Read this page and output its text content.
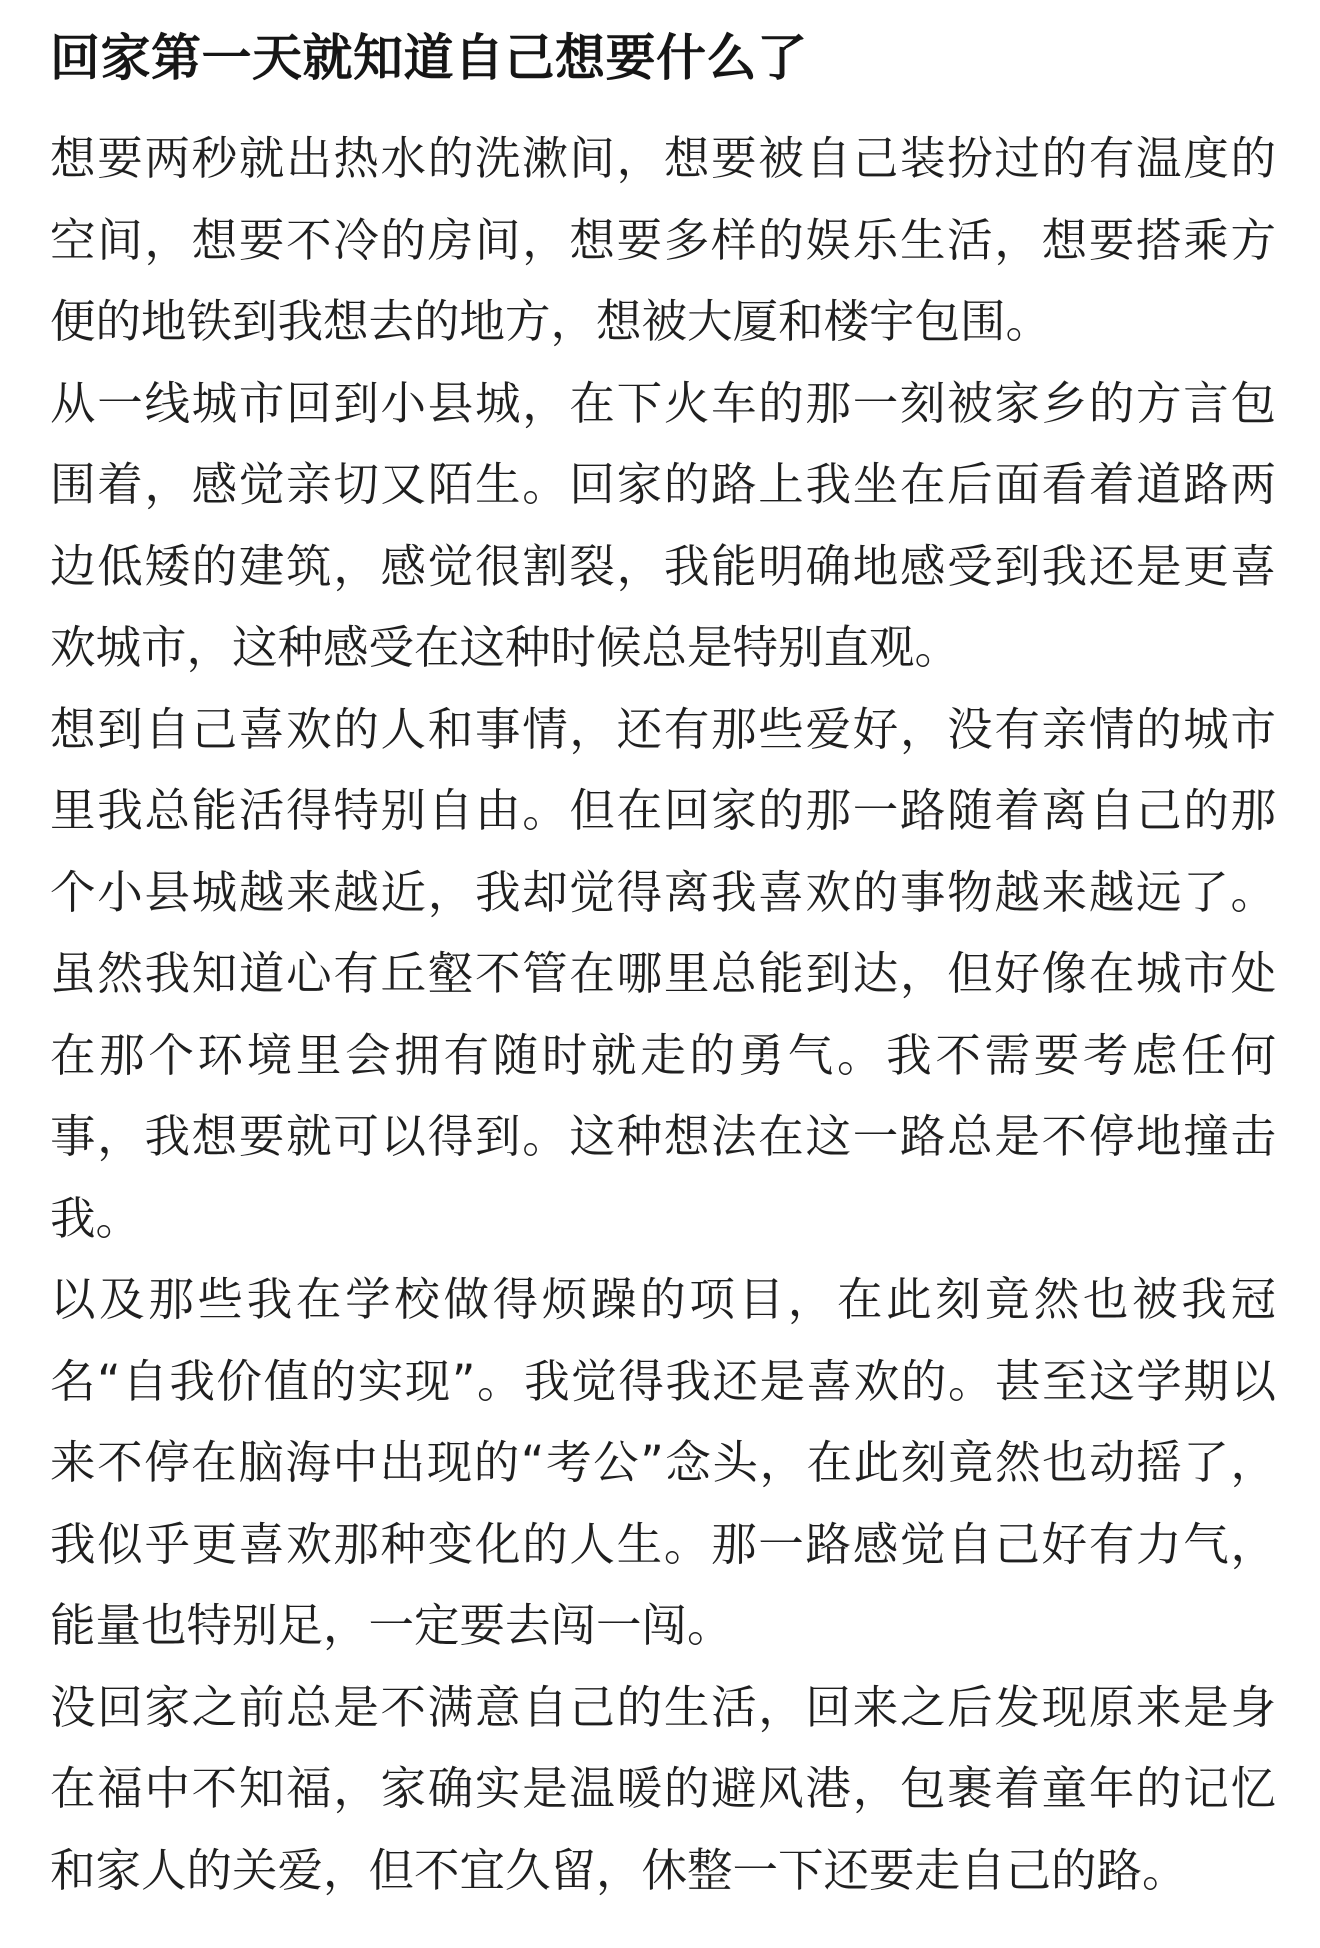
回家第一天就知道自己想要什么了

想要两秒就出热水的洗漱间，想要被自己装扮过的有温度的空间，想要不冷的房间，想要多样的娱乐生活，想要搭乘方便的地铁到我想去的地方，想被大厦和楼宇包围。

从一线城市回到小县城，在下火车的那一刻被家乡的方言包围着，感觉亲切又陌生。回家的路上我坐在后面看着道路两边低矮的建筑，感觉很割裂，我能明确地感受到我还是更喜欢城市，这种感受在这种时候总是特别直观。

想到自己喜欢的人和事情，还有那些爱好，没有亲情的城市里我总能活得特别自由。但在回家的那一路随着离自己的那个小县城越来越近，我却觉得离我喜欢的事物越来越远了。虽然我知道心有丘壑不管在哪里总能到达，但好像在城市处在那个环境里会拥有随时就走的勇气。我不需要考虑任何事，我想要就可以得到。这种想法在这一路总是不停地撞击我。

以及那些我在学校做得烦躁的项目，在此刻竟然也被我冠名“自我价值的实现”。我觉得我还是喜欢的。甚至这学期以来不停在脑海中出现的“考公”念头，在此刻竟然也动摇了，我似乎更喜欢那种变化的人生。那一路感觉自己好有力气，能量也特别足，一定要去闯一闯。

没回家之前总是不满意自己的生活，回来之后发现原来是身在福中不知福，家确实是温暖的避风港，包裹着童年的记忆和家人的关爱，但不宜久留，休整一下还要走自己的路。
